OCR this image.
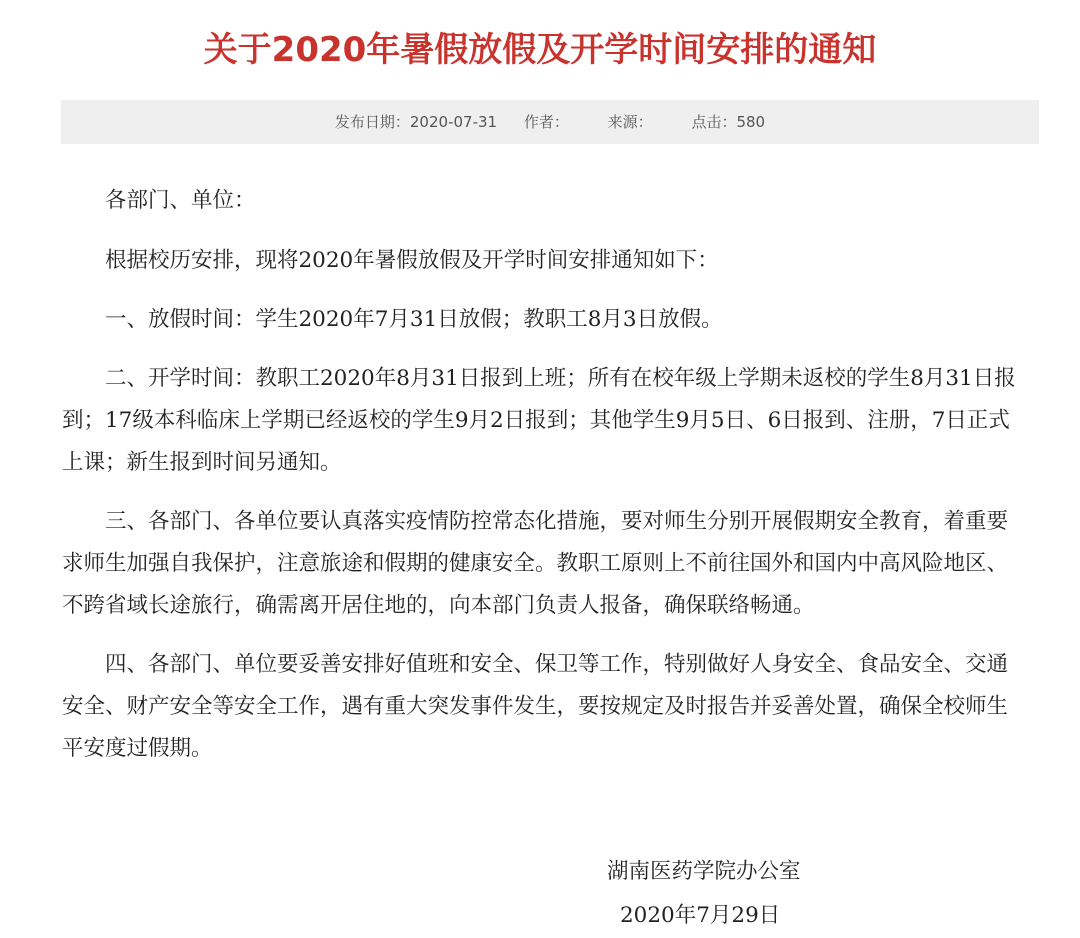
关于2020年暑假放假及开学时间安排的通知
发布日期：2020-07-31 作者：	来源：	点击：580

各部门、单位：

根据校历安排，现将2020年暑假放假及开学时间安排通知如下：

一、放假时间：学生2020年7月31日放假；教职工8月3日放假。

二、开学时间：教职工2020年8月31日报到上班；所有在校年级上学期未返校的学生8月31日报到；17级本科临床上学期已经返校的学生9月2日报到；其他学生9月5日、6日报到、注册，7日正式上课；新生报到时间另通知。

三、各部门、各单位要认真落实疫情防控常态化措施，要对师生分别开展假期安全教育，着重要求师生加强自我保护，注意旅途和假期的健康安全。教职工原则上不前往国外和国内中高风险地区、不跨省域长途旅行，确需离开居住地的，向本部门负责人报备，确保联络畅通。

四、各部门、单位要妥善安排好值班和安全、保卫等工作，特别做好人身安全、食品安全、交通安全、财产安全等安全工作，遇有重大突发事件发生，要按规定及时报告并妥善处置，确保全校师生平安度过假期。

湖南医药学院办公室
2020年7月29日
